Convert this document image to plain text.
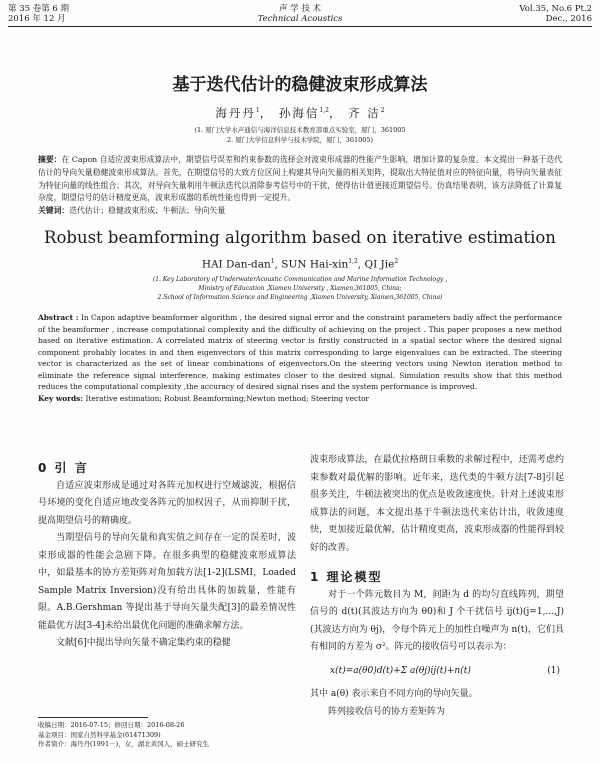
第 35 卷第 6 期
2016 年 12 月
声 学 技 术
Technical Acoustics
Vol.35, No.6 Pt.2
Dec., 2016
基于迭代估计的稳健波束形成算法
海丹丹$^1$， 孙海信$^{1,2}$， 齐 洁$^2$
(1. 厦门大学水声通信与海洋信息技术教育部重点实验室，厦门，361005
2. 厦门大学信息科学与技术学院，厦门，361005)
摘要：在 Capon 自适应波束形成算法中，期望信号误差和约束参数的选择会对波束形成器的性能产生影响，增加计算的复杂度。本文提出一种基于迭代估计的导向矢量稳健波束形成算法。首先，在期望信号的大致方位区间上构建其导向矢量的相关矩阵，提取出大特征值对应的特征向量，将导向矢量表征为特征向量的线性组合；其次，对导向矢量利用牛顿法迭代以消除参考信号中的干扰，使得估计值更接近期望信号。仿真结果表明，该方法降低了计算复杂度，期望信号的估计精度更高，波束形成器的系统性能也得到一定提升。
关键词：迭代估计；稳健波束形成；牛顿法；导向矢量
Robust beamforming algorithm based on iterative estimation
HAI Dan-dan$^1$, SUN Hai-xin$^{1,2}$, QI Jie$^2$
(1. Key Laboratory of UnderwaterAcoustic Communication and Marine Information Technology ,
Ministry of Education ,Xiamen University , Xiamen,361005, China;
2.School of Information Science and Engineering ,Xiamen University, Xiamen,361005, China)
Abstract : In Capon adaptive beamformer algorithm , the desired signal error and the constraint parameters badly affect the performance of the beamformer , increase computational complexity and the difficulty of achieving on the project . This paper proposes a new method based on iterative estimation. A correlated matrix of steering vector is firstly constructed in a spatial sector where the desired signal component probably locates in and then eigenvectors of this matrix corresponding to large eigenvalues can be extracted. The steering vector is characterized as the set of linear combinations of eigenvectors.On the steering vectors using Newton iteration method to eliminate the reference signal interference, making estimates closer to the desired signal. Simulation results show that this method reduces the computational complexity ,the accuracy of desired signal rises and the system performance is improved.
Key words: Iterative estimation; Robust Beamforming;Newton method; Steering vector

0 引 言

自适应波束形成是通过对各阵元加权进行空域滤波，根据信号环境的变化自适应地改变各阵元的加权因子，从而抑制干扰，提高期望信号的精确度。

当期望信号的导向矢量和真实值之间存在一定的误差时，波束形成器的性能会急剧下降。在很多典型的稳健波束形成算法中，如最基本的协方差矩阵对角加载方法[1-2](LSMI，Loaded Sample Matrix Inversion)没有给出具体的加载量，性能有限。A.B.Gershman 等提出基于导向矢量失配[3]的最差情况性能最优方法[3-4]未给出最优化问题的准确求解方法。

文献[6]中提出导向矢量不确定集约束的稳健

波束形成算法，在最优拉格朗日乘数的求解过程中，还需考虑约束参数对最优解的影响。近年来，迭代类的牛顿方法[7-8]引起很多关注，牛顿法被突出的优点是收敛速度快。针对上述波束形成算法的问题，本文提出基于牛顿法迭代来估计出，收敛速度快，更加接近最优解，估计精度更高，波束形成器的性能得到较好的改善。

1 理论模型

对于一个阵元数目为 M，间距为 d 的均匀直线阵列，期望信号的 d(t)(其波达方向为 θ0)和 J 个干扰信号 ij(t)(j=1,...,J)(其波达方向为 θj)，令每个阵元上的加性白噪声为 n(t)，它们具有相同的方差为 σ²。阵元的接收信号可以表示为：

x(t)=a(θ0)d(t)+Σ a(θj)ij(t)+n(t)	(1)

其中 a(θ) 表示来自不同方向的导向矢量。

阵列接收信号的协方差矩阵为

收稿日期：2016-07-15；修回日期：2016-08-26
基金项目：国家自然科学基金(61471309)
作者简介：海丹丹(1991－)，女，湖北黄冈人，硕士研究生
